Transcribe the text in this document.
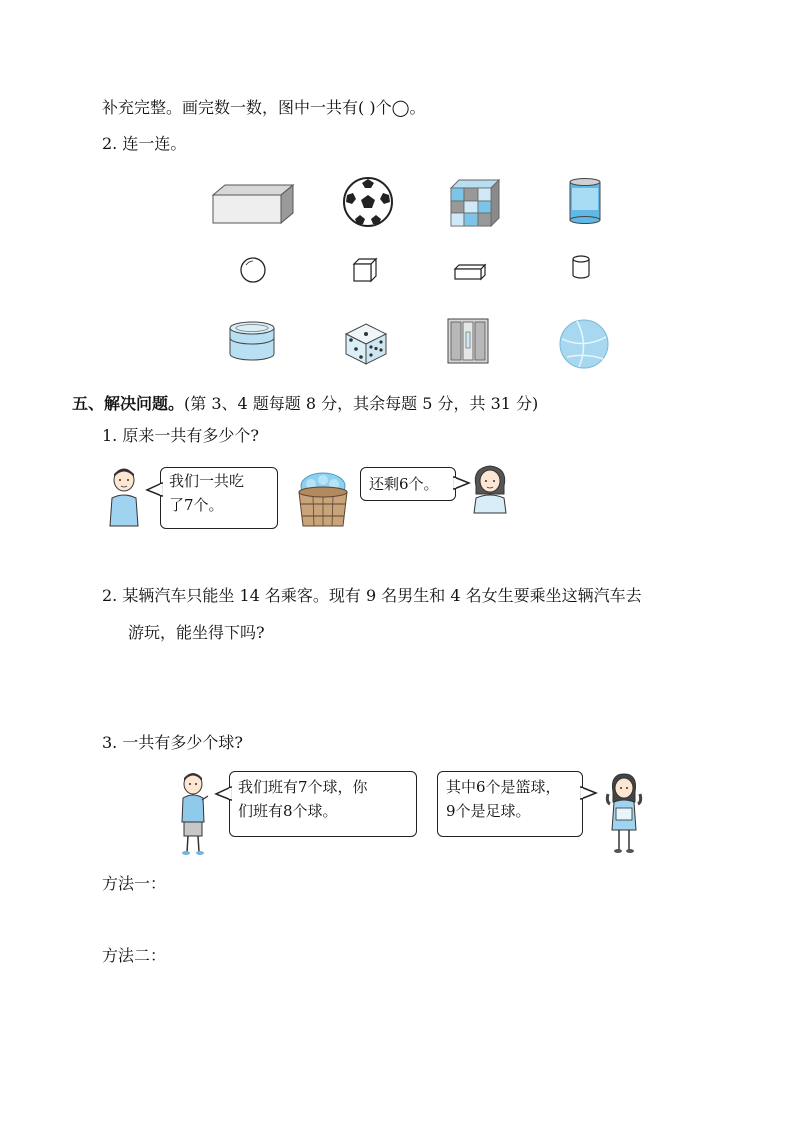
补充完整。画完数一数，图中一共有( )个◯。
2. 连一连。
五、解决问题。(第 3、4 题每题 8 分，其余每题 5 分，共 31 分)
1. 原来一共有多少个?
我们一共吃
了7个。
还剩6个。
2. 某辆汽车只能坐 14 名乘客。现有 9 名男生和 4 名女生要乘坐这辆汽车去
游玩，能坐得下吗?
3. 一共有多少个球?
我们班有7个球，你
们班有8个球。
其中6个是篮球，
9个是足球。
方法一：
方法二：
